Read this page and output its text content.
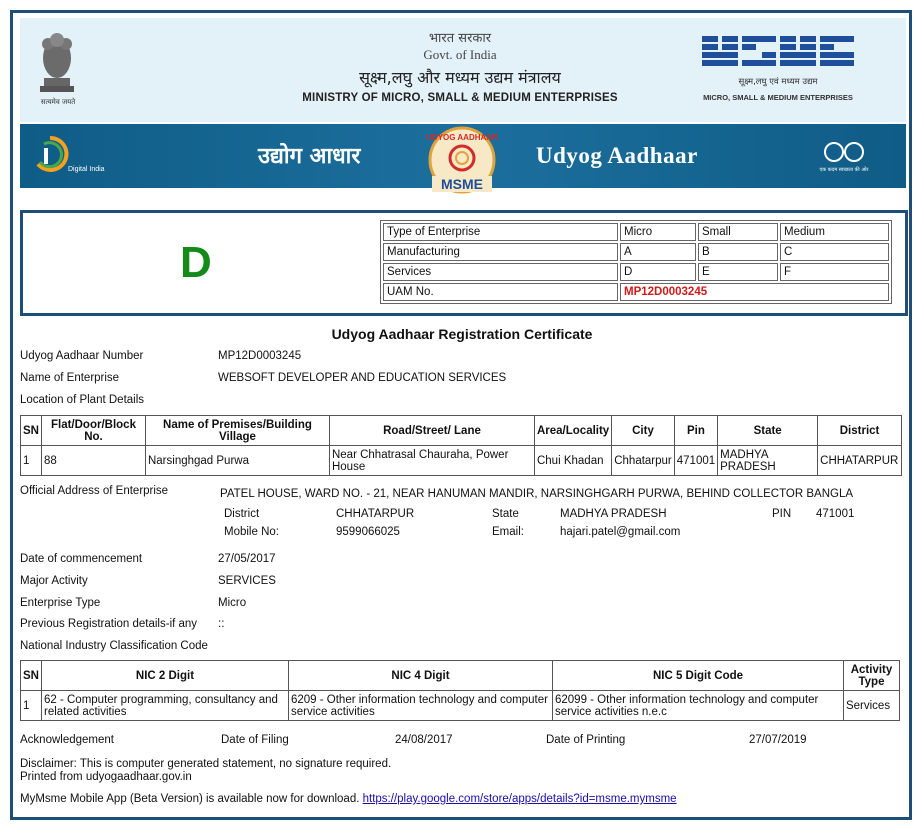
सत्यमेव जयते
भारत सरकार
Govt. of India
सूक्ष्म,लघु और मध्यम उद्यम मंत्रालय
MINISTRY OF MICRO, SMALL & MEDIUM ENTERPRISES
सूक्ष्म,लघु एवं मध्यम उद्यम
MICRO, SMALL & MEDIUM ENTERPRISES
Digital India
उद्योग आधार
UDYOG AADHAAR
MSME
Udyog Aadhaar
एक कदम स्वच्छता की ओर
D
Type of Enterprise	Micro	Small	Medium
Manufacturing	A	B	C
Services	D	E	F
UAM No.	MP12D0003245		
Udyog Aadhaar Registration Certificate
Udyog Aadhaar Number	MP12D0003245
Name of Enterprise	WEBSOFT DEVELOPER AND EDUCATION SERVICES
Location of Plant Details
SN	Flat/Door/Block No.	Name of Premises/Building Village	Road/Street/ Lane	Area/Locality	City	Pin	State	District
1	88	Narsinghgad Purwa	Near Chhatrasal Chauraha, Power House	Chui Khadan	Chhatarpur	471001	MADHYA PRADESH	CHHATARPUR
Official Address of Enterprise	PATEL HOUSE, WARD NO. - 21, NEAR HANUMAN MANDIR, NARSINGHGARH PURWA, BEHIND COLLECTOR BANGLA
District	CHHATARPUR	State	MADHYA PRADESH	PIN 471001
Mobile No:	9599066025	Email:	hajari.patel@gmail.com
Date of commencement	27/05/2017
Major Activity	SERVICES
Enterprise Type	Micro
Previous Registration details-if any ::
National Industry Classification Code
SN	NIC 2 Digit	NIC 4 Digit	NIC 5 Digit Code	Activity Type
1	62 - Computer programming, consultancy and related activities	6209 - Other information technology and computer service activities	62099 - Other information technology and computer service activities n.e.c	Services
Acknowledgement	Date of Filing	24/08/2017	Date of Printing	27/07/2019
Disclaimer: This is computer generated statement, no signature required.
Printed from udyogaadhaar.gov.in
MyMsme Mobile App (Beta Version) is available now for download. https://play.google.com/store/apps/details?id=msme.mymsme
